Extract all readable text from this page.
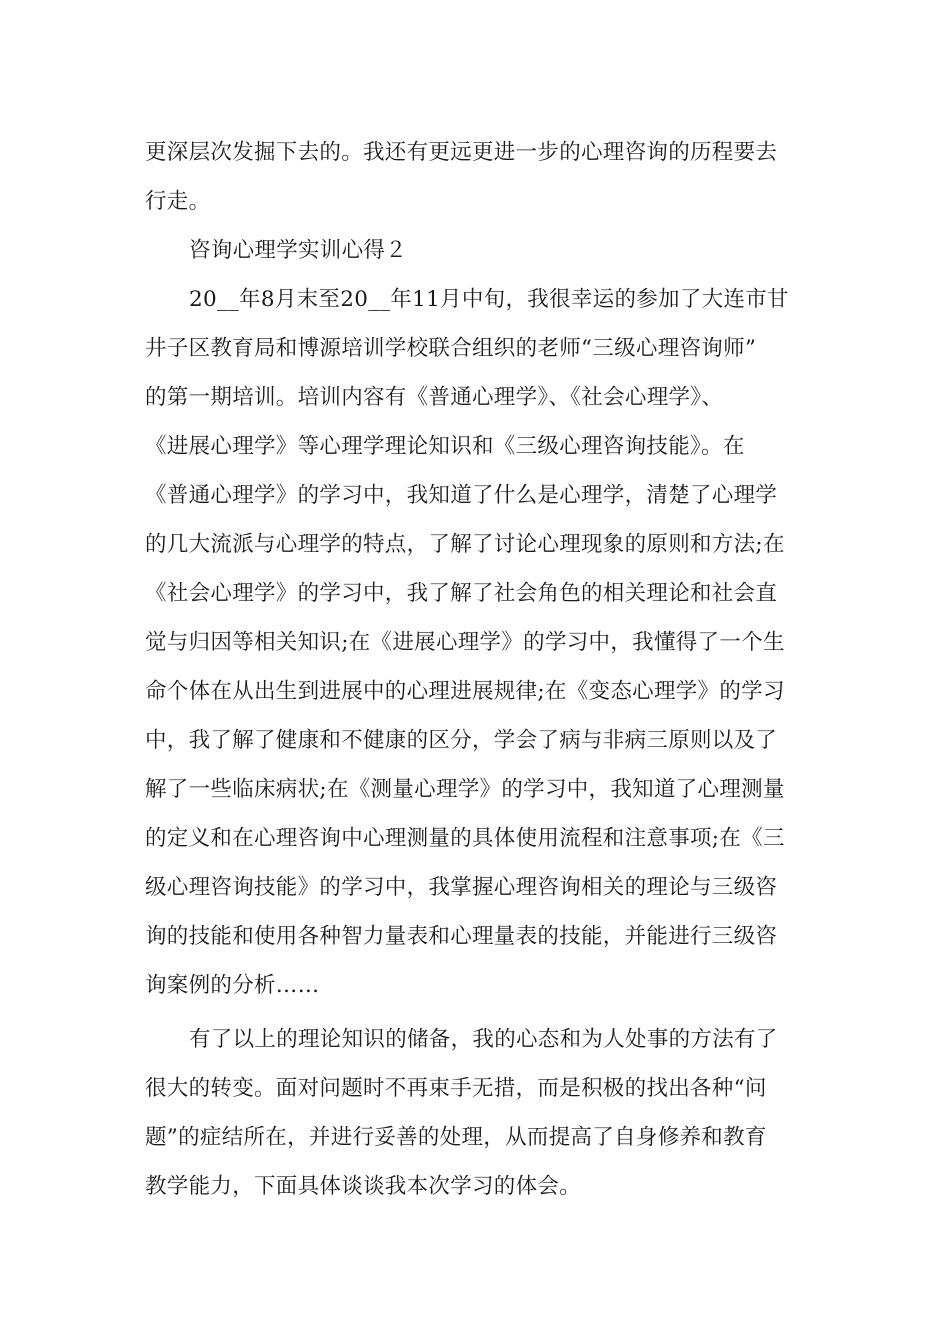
更深层次发掘下去的。我还有更远更进一步的心理咨询的历程要去
行走。
咨询心理学实训心得２
20__年8月末至20__年11月中旬，我很幸运的参加了大连市甘
井子区教育局和博源培训学校联合组织的老师“三级心理咨询师”
的第一期培训。培训内容有《普通心理学》、《社会心理学》、
《进展心理学》等心理学理论知识和《三级心理咨询技能》。在
《普通心理学》的学习中，我知道了什么是心理学，清楚了心理学
的几大流派与心理学的特点，了解了讨论心理现象的原则和方法;在
《社会心理学》的学习中，我了解了社会角色的相关理论和社会直
觉与归因等相关知识;在《进展心理学》的学习中，我懂得了一个生
命个体在从出生到进展中的心理进展规律;在《变态心理学》的学习
中，我了解了健康和不健康的区分，学会了病与非病三原则以及了
解了一些临床病状;在《测量心理学》的学习中，我知道了心理测量
的定义和在心理咨询中心理测量的具体使用流程和注意事项;在《三
级心理咨询技能》的学习中，我掌握心理咨询相关的理论与三级咨
询的技能和使用各种智力量表和心理量表的技能，并能进行三级咨
询案例的分析……
有了以上的理论知识的储备，我的心态和为人处事的方法有了
很大的转变。面对问题时不再束手无措，而是积极的找出各种“问
题”的症结所在，并进行妥善的处理，从而提高了自身修养和教育
教学能力，下面具体谈谈我本次学习的体会。
